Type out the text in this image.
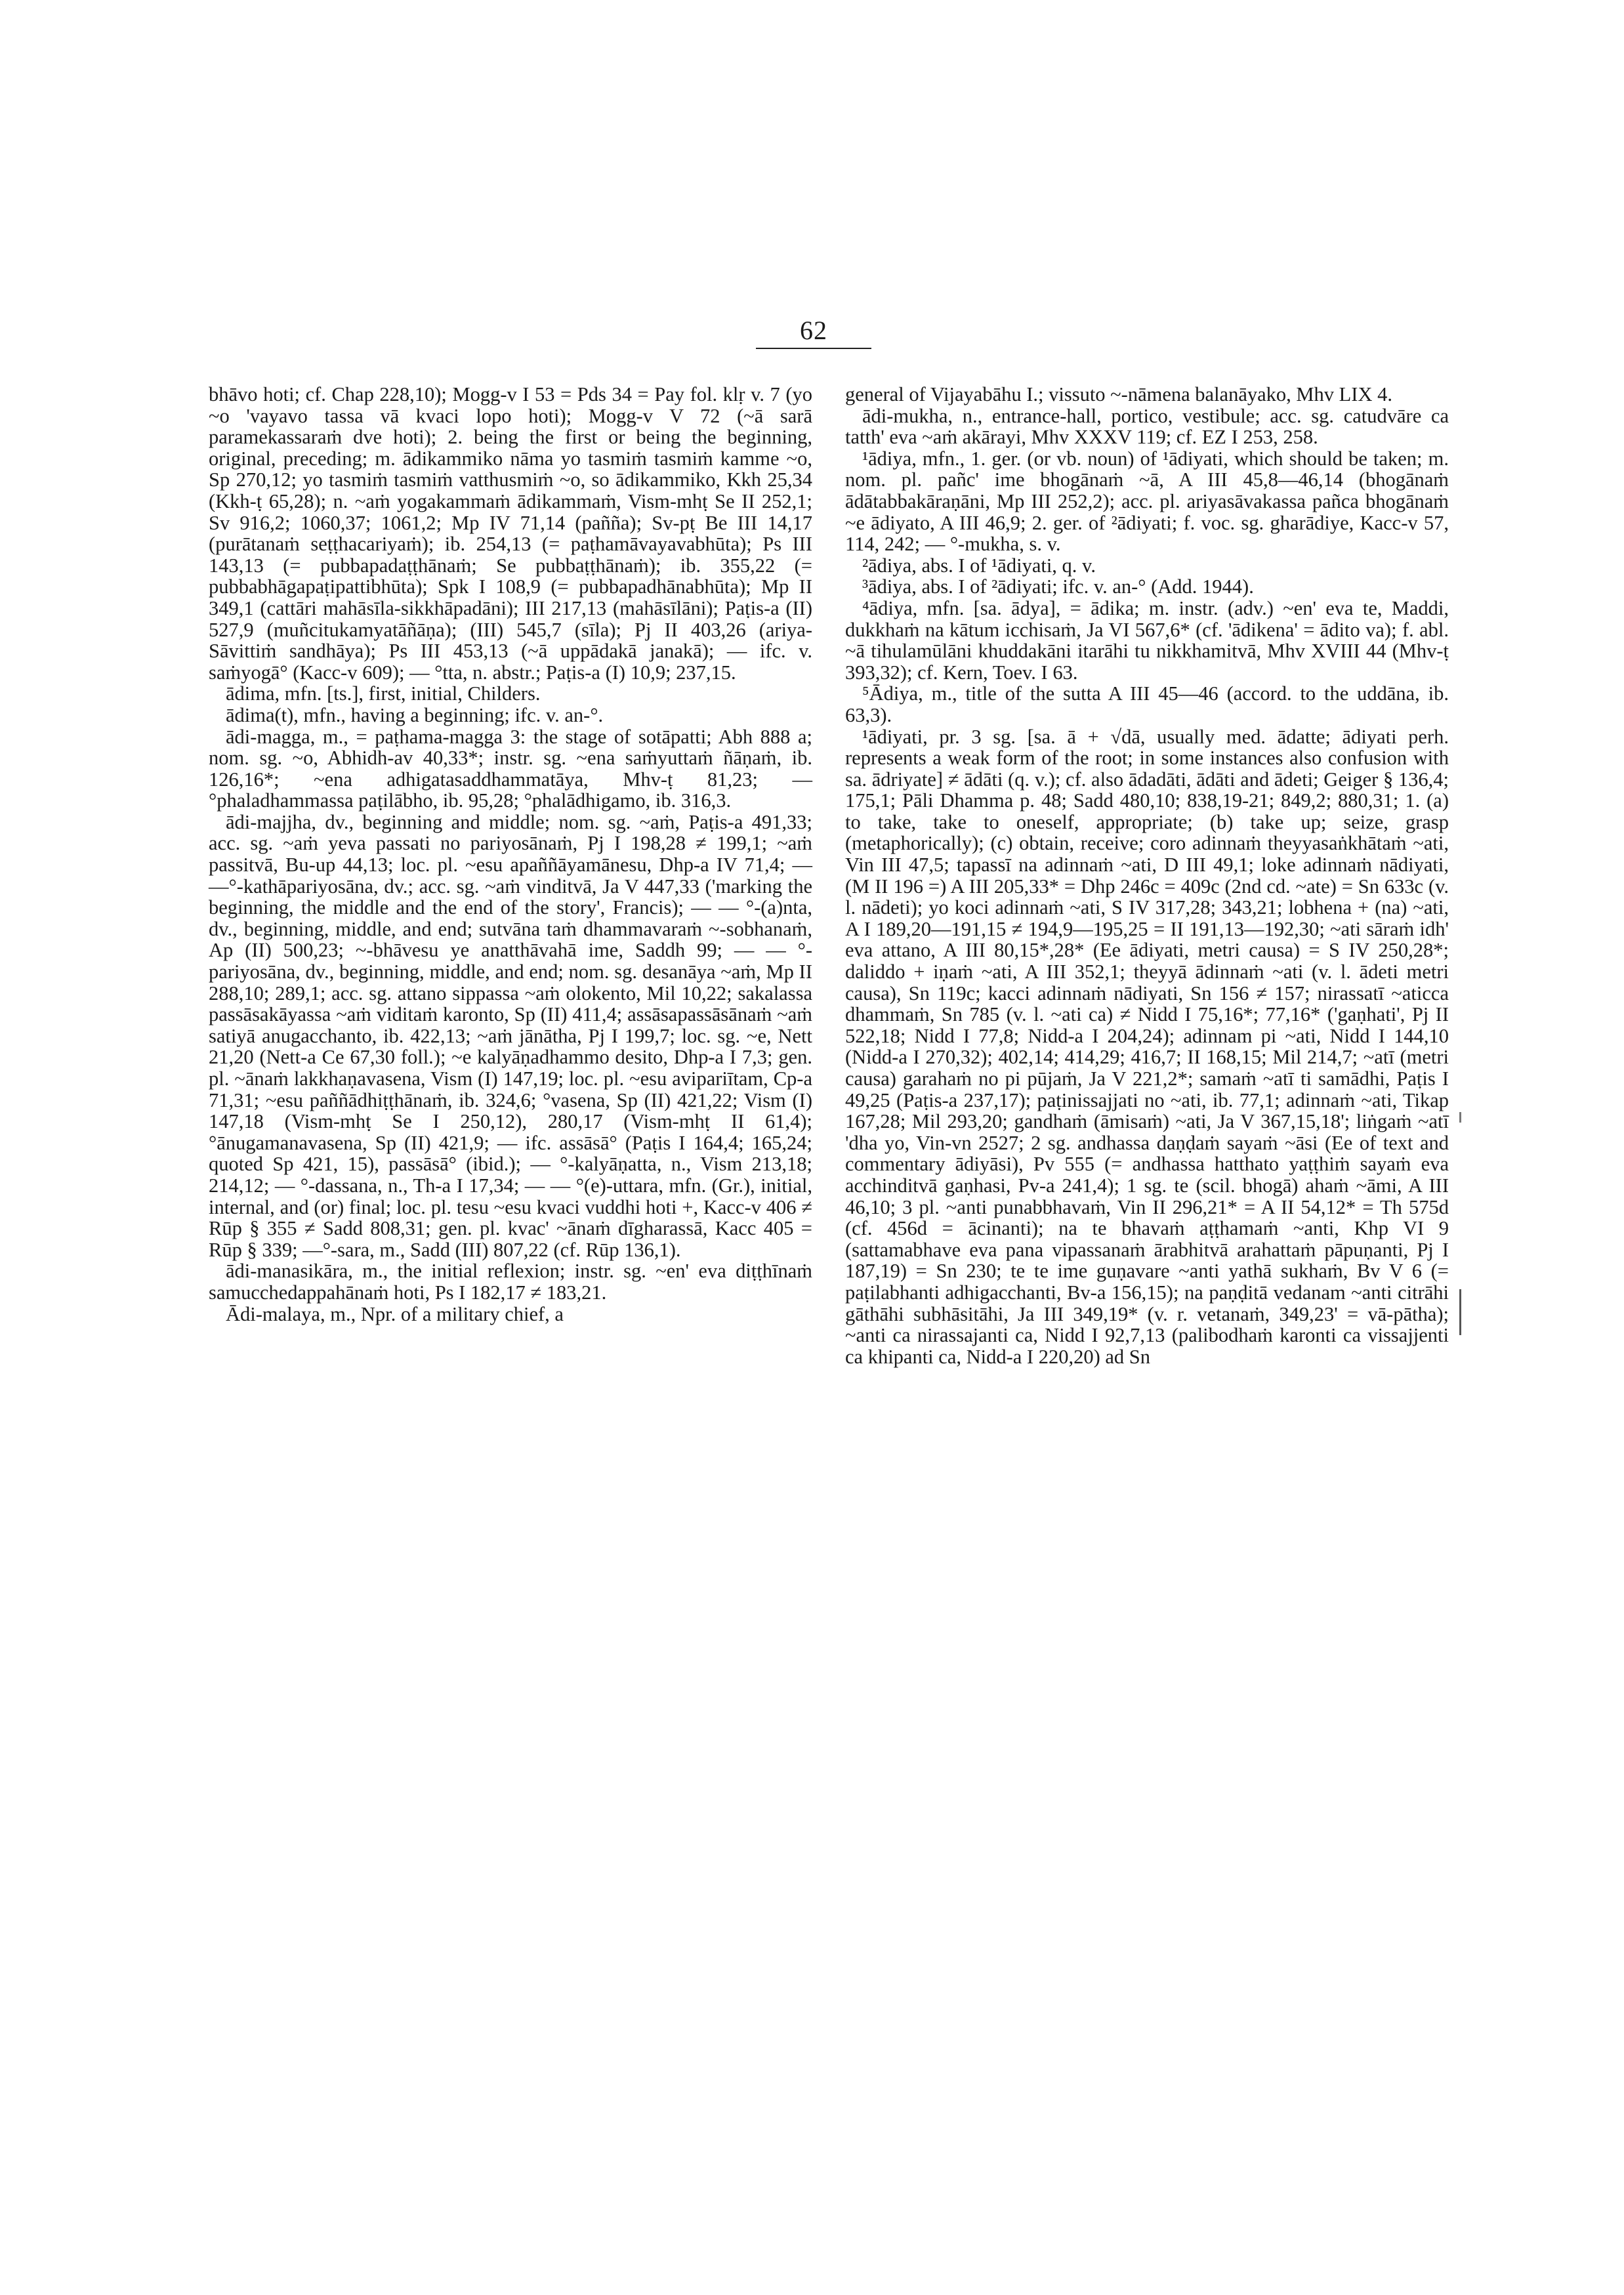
62

bhāvo hoti; cf. Chap 228,10); Mogg-v I 53 = Pds 34 = Pay fol. klṛ v. 7 (yo ~o 'vayavo tassa vā kvaci lopo hoti); Mogg-v V 72 (~ā sarā paramekassaraṁ dve hoti); 2. being the first or being the beginning, original, preceding; m. ādikammiko nāma yo tasmiṁ tasmiṁ kamme ~o, Sp 270,12; yo tasmiṁ tasmiṁ vatthusmiṁ ~o, so ādikammiko, Kkh 25,34 (Kkh-ṭ 65,28); n. ~aṁ yogakammaṁ ādikammaṁ, Vism-mhṭ Se II 252,1; Sv 916,2; 1060,37; 1061,2; Mp IV 71,14 (pañña); Sv-pṭ Be III 14,17 (purātanaṁ seṭṭhacariyaṁ); ib. 254,13 (= paṭhamāvayavabhūta); Ps III 143,13 (= pubbapadaṭṭhānaṁ; Se pubbaṭṭhānaṁ); ib. 355,22 (= pubbabhāgapaṭipattibhūta); Spk I 108,9 (= pubbapadhānabhūta); Mp II 349,1 (cattāri mahāsīla-sikkhāpadāni); III 217,13 (mahāsīlāni); Paṭis-a (II) 527,9 (muñcitukamyatāñāṇa); (III) 545,7 (sīla); Pj II 403,26 (ariya-Sāvittiṁ sandhāya); Ps III 453,13 (~ā uppādakā janakā); — ifc. v. saṁyogā° (Kacc-v 609); — °tta, n. abstr.; Paṭis-a (I) 10,9; 237,15.

ādima, mfn. [ts.], first, initial, Childers.

ādima(t), mfn., having a beginning; ifc. v. an-°.

ādi-magga, m., = paṭhama-magga 3: the stage of sotāpatti; Abh 888 a; nom. sg. ~o, Abhidh-av 40,33*; instr. sg. ~ena saṁyuttaṁ ñāṇaṁ, ib. 126,16*; ~ena adhigatasaddhammatāya, Mhv-ṭ 81,23; — °phaladhammassa paṭilābho, ib. 95,28; °phalādhigamo, ib. 316,3.

ādi-majjha, dv., beginning and middle; nom. sg. ~aṁ, Paṭis-a 491,33; acc. sg. ~aṁ yeva passati no pariyosānaṁ, Pj I 198,28 ≠ 199,1; ~aṁ passitvā, Bu-up 44,13; loc. pl. ~esu apaññāyamānesu, Dhp-a IV 71,4; — —°-kathāpariyosāna, dv.; acc. sg. ~aṁ vinditvā, Ja V 447,33 ('marking the beginning, the middle and the end of the story', Francis); — — °-(a)nta, dv., beginning, middle, and end; sutvāna taṁ dhammavaraṁ ~-sobhanaṁ, Ap (II) 500,23; ~-bhāvesu ye anatthāvahā ime, Saddh 99; — — °-pariyosāna, dv., beginning, middle, and end; nom. sg. desanāya ~aṁ, Mp II 288,10; 289,1; acc. sg. attano sippassa ~aṁ olokento, Mil 10,22; sakalassa passāsakāyassa ~aṁ viditaṁ karonto, Sp (II) 411,4; assāsapassāsānaṁ ~aṁ satiyā anugacchanto, ib. 422,13; ~aṁ jānātha, Pj I 199,7; loc. sg. ~e, Nett 21,20 (Nett-a Ce 67,30 foll.); ~e kalyāṇadhammo desito, Dhp-a I 7,3; gen. pl. ~ānaṁ lakkhaṇavasena, Vism (I) 147,19; loc. pl. ~esu avipariītam, Cp-a 71,31; ~esu paññādhiṭṭhānaṁ, ib. 324,6; °vasena, Sp (II) 421,22; Vism (I) 147,18 (Vism-mhṭ Se I 250,12), 280,17 (Vism-mhṭ II 61,4); °ānugamanavasena, Sp (II) 421,9; — ifc. assāsā° (Paṭis I 164,4; 165,24; quoted Sp 421, 15), passāsā° (ibid.); — °-kalyāṇatta, n., Vism 213,18; 214,12; — °-dassana, n., Th-a I 17,34; — — °(e)-uttara, mfn. (Gr.), initial, internal, and (or) final; loc. pl. tesu ~esu kvaci vuddhi hoti +, Kacc-v 406 ≠ Rūp § 355 ≠ Sadd 808,31; gen. pl. kvac' ~ānaṁ dīgharassā, Kacc 405 = Rūp § 339; —°-sara, m., Sadd (III) 807,22 (cf. Rūp 136,1).

ādi-manasikāra, m., the initial reflexion; instr. sg. ~en' eva diṭṭhīnaṁ samucchedappahānaṁ hoti, Ps I 182,17 ≠ 183,21.

Ādi-malaya, m., Npr. of a military chief, a

general of Vijayabāhu I.; vissuto ~-nāmena balanāyako, Mhv LIX 4.

ādi-mukha, n., entrance-hall, portico, vestibule; acc. sg. catudvāre ca tatth' eva ~aṁ akārayi, Mhv XXXV 119; cf. EZ I 253, 258.

¹ādiya, mfn., 1. ger. (or vb. noun) of ¹ādiyati, which should be taken; m. nom. pl. pañc' ime bhogānaṁ ~ā, A III 45,8—46,14 (bhogānaṁ ādātabbakāraṇāni, Mp III 252,2); acc. pl. ariyasāvakassa pañca bhogānaṁ ~e ādiyato, A III 46,9; 2. ger. of ²ādiyati; f. voc. sg. gharādiye, Kacc-v 57, 114, 242; — °-mukha, s. v.

²ādiya, abs. I of ¹ādiyati, q. v.

³ādiya, abs. I of ²ādiyati; ifc. v. an-° (Add. 1944).

⁴ādiya, mfn. [sa. ādya], = ādika; m. instr. (adv.) ~en' eva te, Maddi, dukkhaṁ na kātum icchisaṁ, Ja VI 567,6* (cf. 'ādikena' = ādito va); f. abl. ~ā tihulamūlāni khuddakāni itarāhi tu nikkhamitvā, Mhv XVIII 44 (Mhv-ṭ 393,32); cf. Kern, Toev. I 63.

⁵Ādiya, m., title of the sutta A III 45—46 (accord. to the uddāna, ib. 63,3).

¹ādiyati, pr. 3 sg. [sa. ā + √dā, usually med. ādatte; ādiyati perh. represents a weak form of the root; in some instances also confusion with sa. ādriyate] ≠ ādāti (q. v.); cf. also ādadāti, ādāti and ādeti; Geiger § 136,4; 175,1; Pāli Dhamma p. 48; Sadd 480,10; 838,19-21; 849,2; 880,31; 1. (a) to take, take to oneself, appropriate; (b) take up; seize, grasp (metaphorically); (c) obtain, receive; coro adinnaṁ theyyasaṅkhātaṁ ~ati, Vin III 47,5; tapassī na adinnaṁ ~ati, D III 49,1; loke adinnaṁ nādiyati, (M II 196 =) A III 205,33* = Dhp 246c = 409c (2nd cd. ~ate) = Sn 633c (v. l. nādeti); yo koci adinnaṁ ~ati, S IV 317,28; 343,21; lobhena + (na) ~ati, A I 189,20—191,15 ≠ 194,9—195,25 = II 191,13—192,30; ~ati sāraṁ idh' eva attano, A III 80,15*,28* (Ee ādiyati, metri causa) = S IV 250,28*; daliddo + iṇaṁ ~ati, A III 352,1; theyyā ādinnaṁ ~ati (v. l. ādeti metri causa), Sn 119c; kacci adinnaṁ nādiyati, Sn 156 ≠ 157; nirassatī ~aticca dhammaṁ, Sn 785 (v. l. ~ati ca) ≠ Nidd I 75,16*; 77,16* ('gaṇhati', Pj II 522,18; Nidd I 77,8; Nidd-a I 204,24); adinnam pi ~ati, Nidd I 144,10 (Nidd-a I 270,32); 402,14; 414,29; 416,7; II 168,15; Mil 214,7; ~atī (metri causa) garahaṁ no pi pūjaṁ, Ja V 221,2*; samaṁ ~atī ti samādhi, Paṭis I 49,25 (Paṭis-a 237,17); paṭinissajjati no ~ati, ib. 77,1; adinnaṁ ~ati, Tikap 167,28; Mil 293,20; gandhaṁ (āmisaṁ) ~ati, Ja V 367,15,18'; liṅgaṁ ~atī 'dha yo, Vin-vn 2527; 2 sg. andhassa daṇḍaṁ sayaṁ ~āsi (Ee of text and commentary ādiyāsi), Pv 555 (= andhassa hatthato yaṭṭhiṁ sayaṁ eva acchinditvā gaṇhasi, Pv-a 241,4); 1 sg. te (scil. bhogā) ahaṁ ~āmi, A III 46,10; 3 pl. ~anti punabbhavaṁ, Vin II 296,21* = A II 54,12* = Th 575d (cf. 456d = ācinanti); na te bhavaṁ aṭṭhamaṁ ~anti, Khp VI 9 (sattamabhave eva pana vipassanaṁ ārabhitvā arahattaṁ pāpuṇanti, Pj I 187,19) = Sn 230; te te ime guṇavare ~anti yathā sukhaṁ, Bv V 6 (= paṭilabhanti adhigacchanti, Bv-a 156,15); na paṇḍitā vedanam ~anti citrāhi gāthāhi subhāsitāhi, Ja III 349,19* (v. r. vetanaṁ, 349,23' = vā-pātha); ~anti ca nirassajanti ca, Nidd I 92,7,13 (palibodhaṁ karonti ca vissajjenti ca khipanti ca, Nidd-a I 220,20) ad Sn
